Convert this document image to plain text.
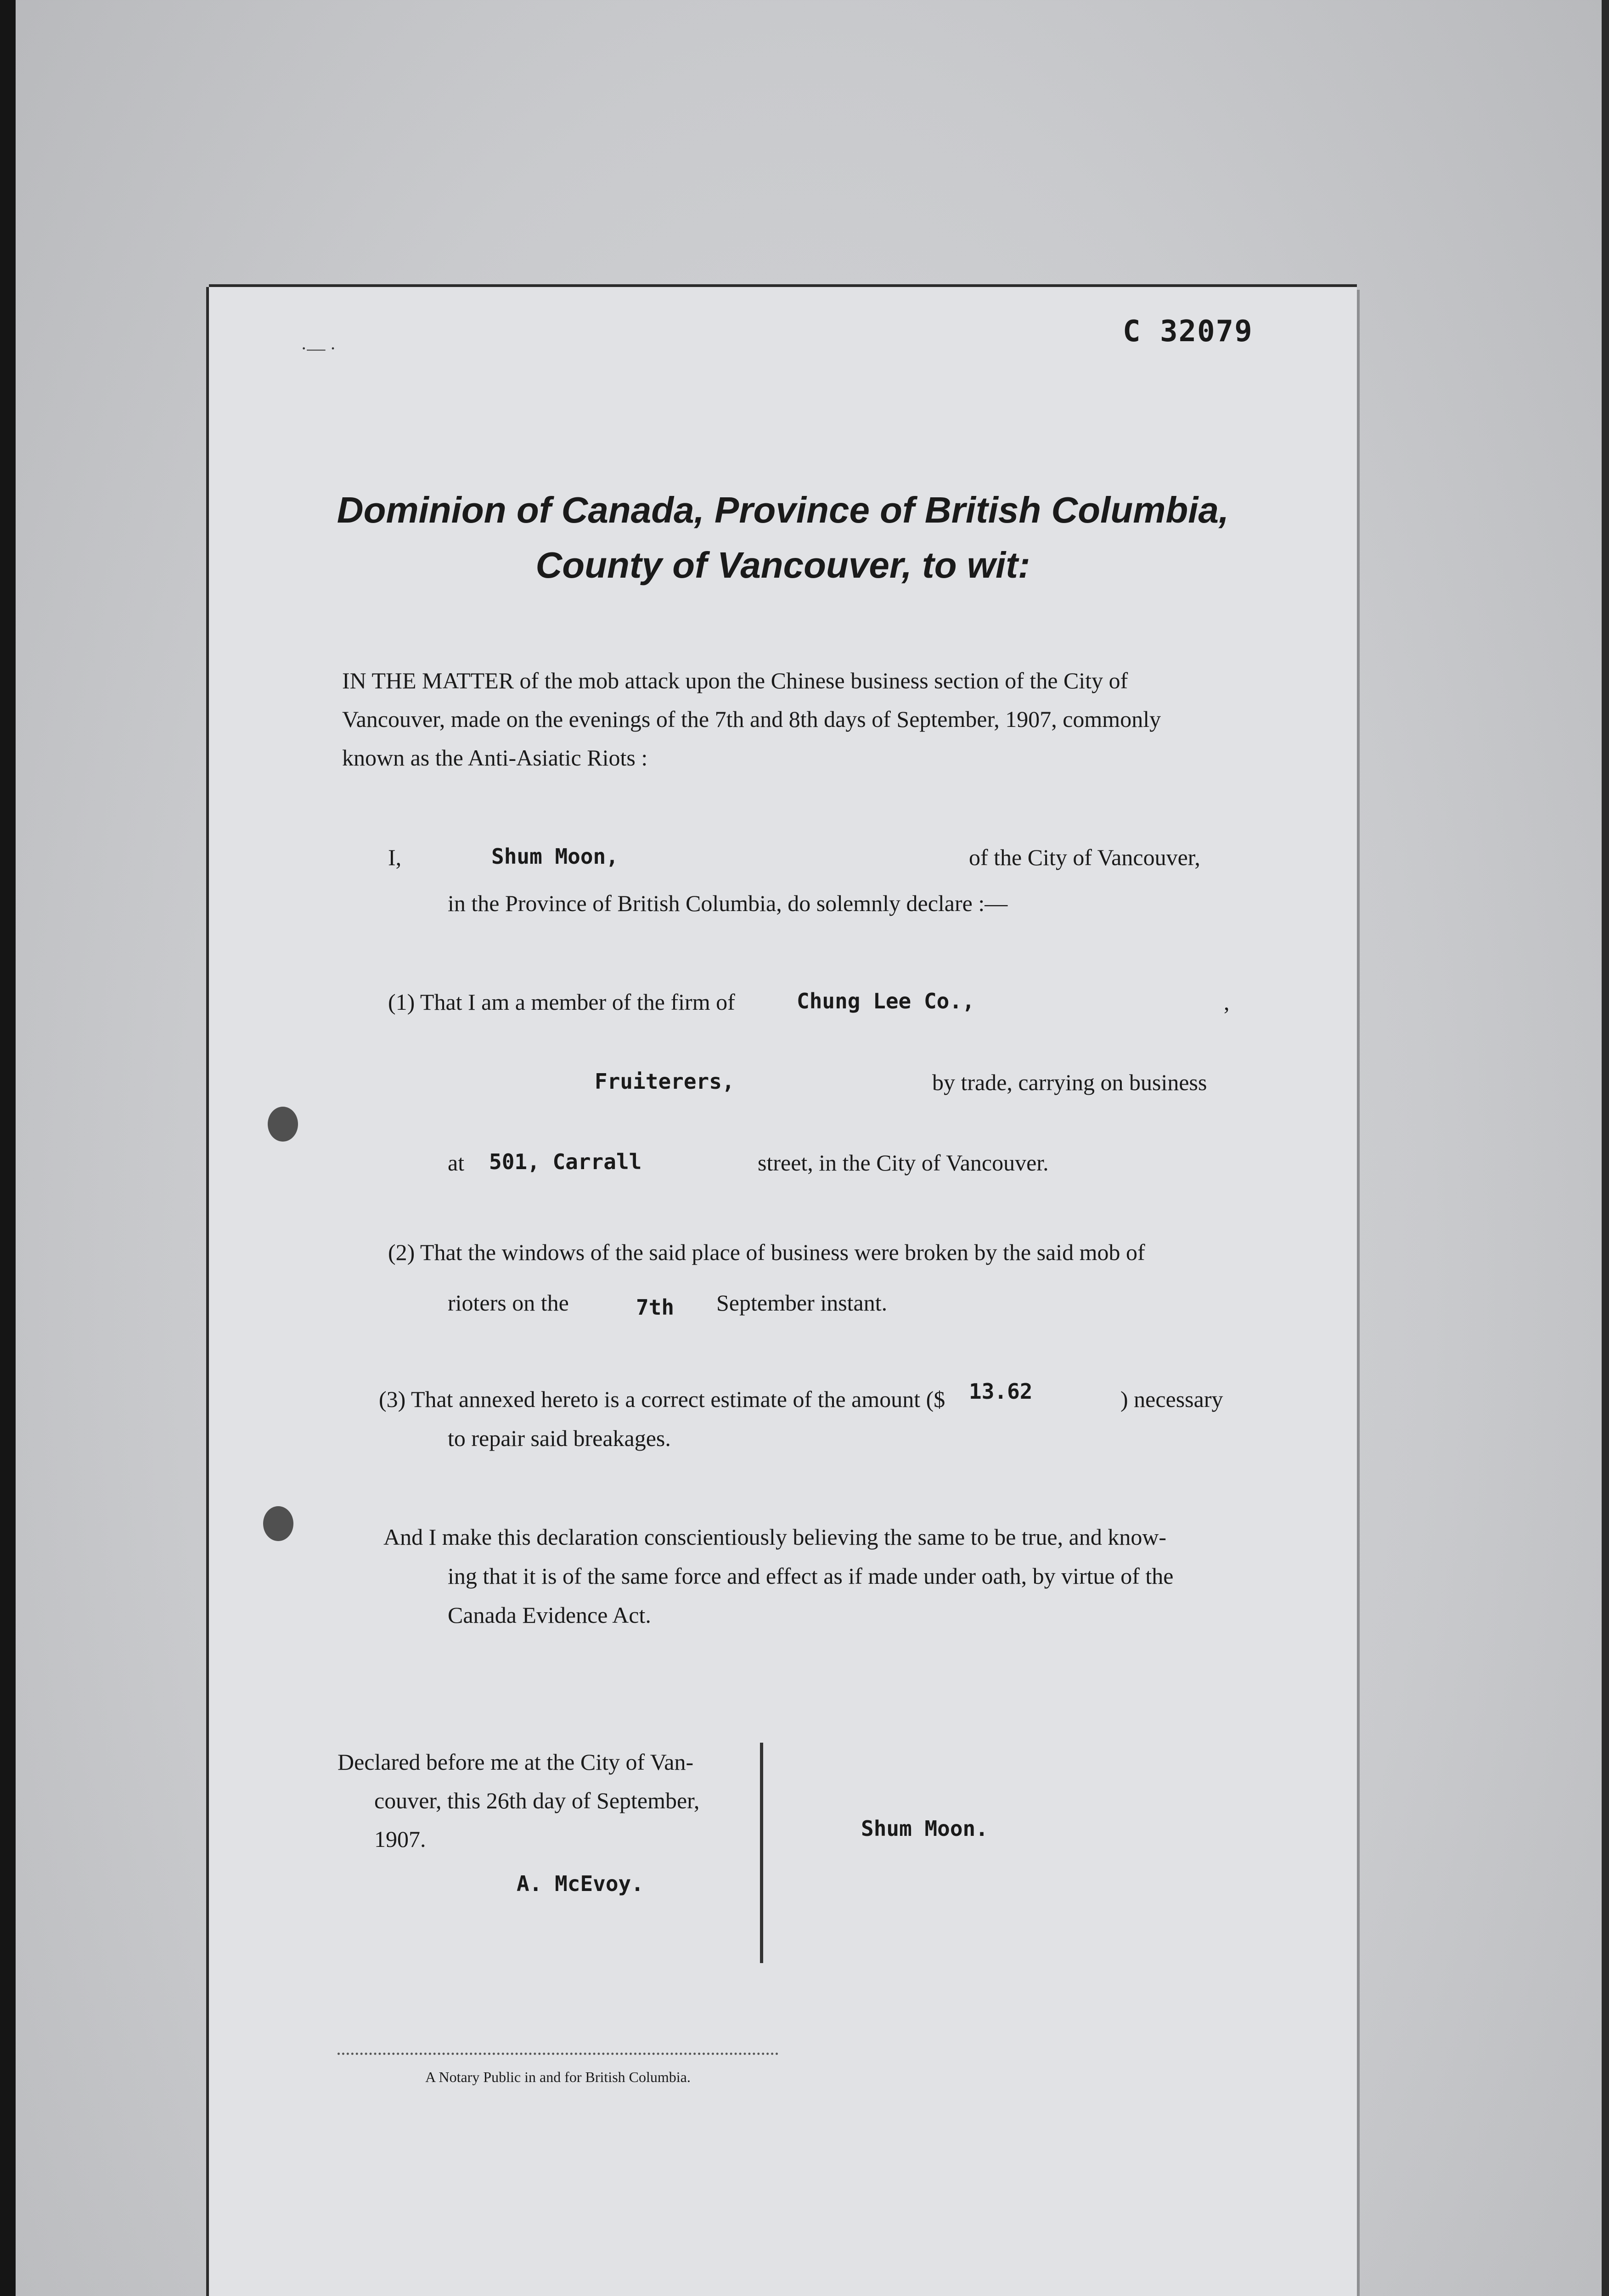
C 32079
·— ·
Dominion of Canada, Province of British Columbia,
County of Vancouver, to wit:
IN THE MATTER of the mob attack upon the Chinese business section of the City of
Vancouver, made on the evenings of the 7th and 8th days of September, 1907, commonly
known as the Anti-Asiatic Riots :
I,	Shum Moon,	of the City of Vancouver,
in the Province of British Columbia, do solemnly declare :—
(1) That I am a member of the firm of	Chung Lee Co.,	,
Fruiterers,	by trade, carrying on business
at 501, Carrall	street, in the City of Vancouver.
(2) That the windows of the said place of business were broken by the said mob of
rioters on the	7th September instant.
(3) That annexed hereto is a correct estimate of the amount ($ 13.62	) necessary
to repair said breakages.
And I make this declaration conscientiously believing the same to be true, and know-
ing that it is of the same force and effect as if made under oath, by virtue of the
Canada Evidence Act.
Declared before me at the City of Van-
couver, this 26th day of September,
1907.
A. McEvoy.
Shum Moon.
A Notary Public in and for British Columbia.
